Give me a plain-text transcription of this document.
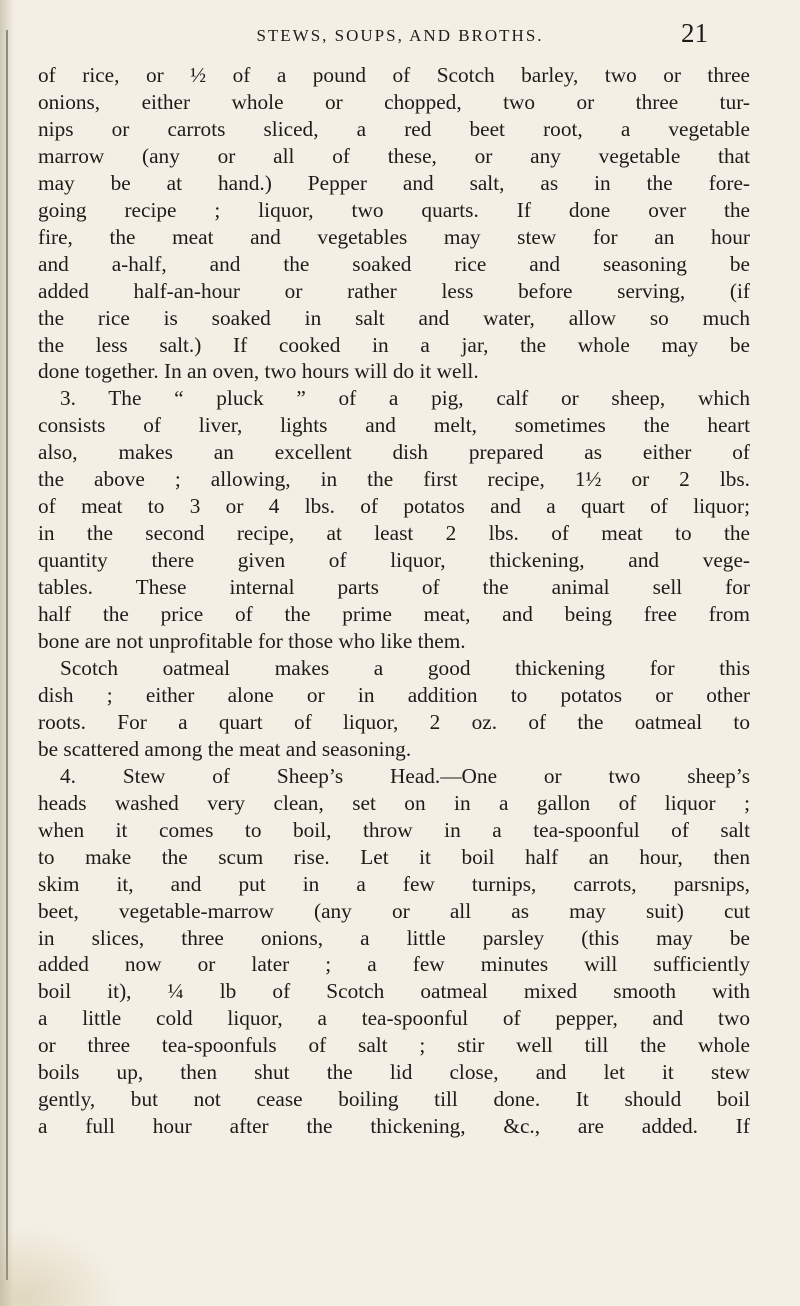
STEWS, SOUPS, AND BROTHS.	21
of rice, or ½ of a pound of Scotch barley, two or three
onions, either whole or chopped, two or three tur-
nips or carrots sliced, a red beet root, a vegetable
marrow (any or all of these, or any vegetable that
may be at hand.) Pepper and salt, as in the fore-
going recipe ; liquor, two quarts. If done over the
fire, the meat and vegetables may stew for an hour
and a-half, and the soaked rice and seasoning be
added half-an-hour or rather less before serving, (if
the rice is soaked in salt and water, allow so much
the less salt.) If cooked in a jar, the whole may be
done together. In an oven, two hours will do it well.
3. The “ pluck ” of a pig, calf or sheep, which
consists of liver, lights and melt, sometimes the heart
also, makes an excellent dish prepared as either of
the above ; allowing, in the first recipe, 1½ or 2 lbs.
of meat to 3 or 4 lbs. of potatos and a quart of liquor;
in the second recipe, at least 2 lbs. of meat to the
quantity there given of liquor, thickening, and vege-
tables. These internal parts of the animal sell for
half the price of the prime meat, and being free from
bone are not unprofitable for those who like them.
Scotch oatmeal makes a good thickening for this
dish ; either alone or in addition to potatos or other
roots. For a quart of liquor, 2 oz. of the oatmeal to
be scattered among the meat and seasoning.
4. Stew of Sheep’s Head.—One or two sheep’s
heads washed very clean, set on in a gallon of liquor ;
when it comes to boil, throw in a tea-spoonful of salt
to make the scum rise. Let it boil half an hour, then
skim it, and put in a few turnips, carrots, parsnips,
beet, vegetable-marrow (any or all as may suit) cut
in slices, three onions, a little parsley (this may be
added now or later ; a few minutes will sufficiently
boil it), ¼ lb of Scotch oatmeal mixed smooth with
a little cold liquor, a tea-spoonful of pepper, and two
or three tea-spoonfuls of salt ; stir well till the whole
boils up, then shut the lid close, and let it stew
gently, but not cease boiling till done. It should boil
a full hour after the thickening, &c., are added. If
